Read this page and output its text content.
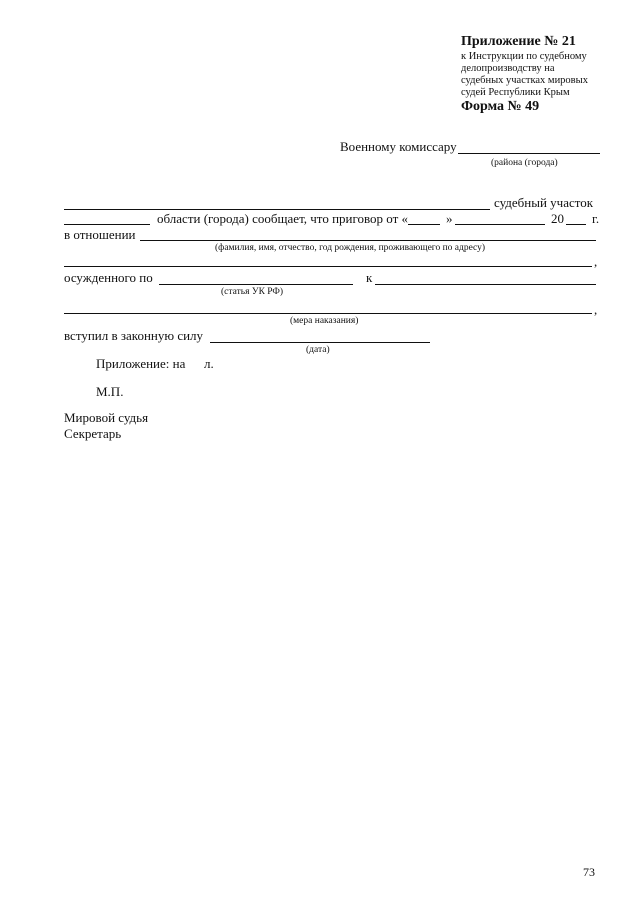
Приложение № 21
к Инструкции по судебному
делопроизводству на
судебных участках мировых
судей Республики Крым
Форма № 49
Военному комиссару
(района (города)
судебный участок
области (города) сообщает, что приговор от «	»	20 г.
в отношении
(фамилия, имя, отчество, год рождения, проживающего по адресу)
,
осужденного по	к
(статья УК РФ)
,
(мера наказания)
вступил в законную силу
(дата)
Приложение: на л.
М.П.
Мировой судья
Секретарь
73
